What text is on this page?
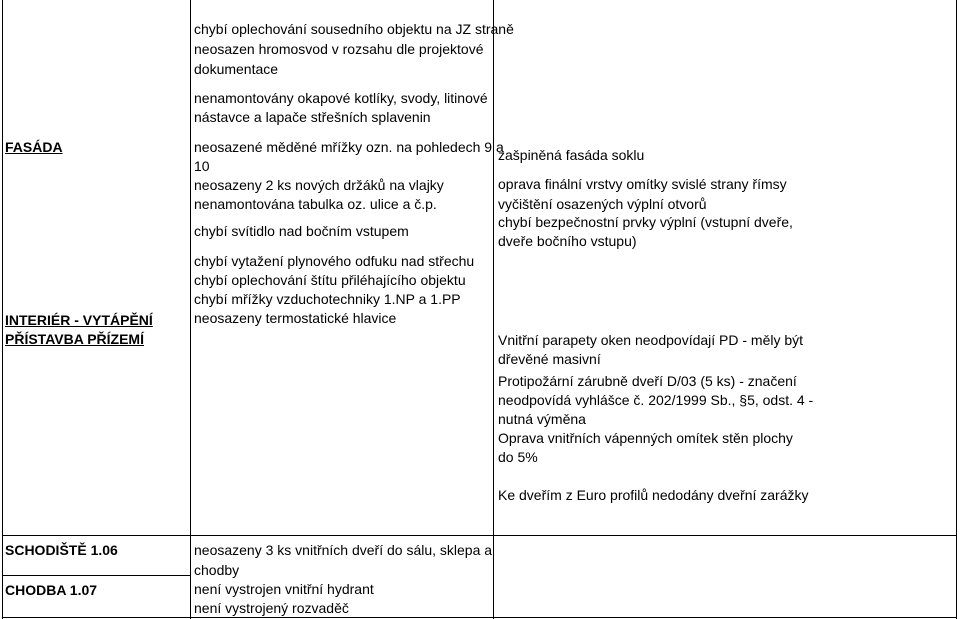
FASÁDA
INTERIÉR - VYTÁPĚNÍ
PŘÍSTAVBA PŘÍZEMÍ
SCHODIŠTĚ 1.06
CHODBA 1.07
chybí oplechování sousedního objektu na JZ straně
neosazen hromosvod v rozsahu dle projektové
dokumentace
nenamontovány okapové kotlíky, svody, litinové
nástavce a lapače střešních splavenin
neosazené měděné mřížky ozn. na pohledech 9 a
10
neosazeny 2 ks nových držáků na vlajky
nenamontována tabulka oz. ulice a č.p.
chybí svítidlo nad bočním vstupem
chybí vytažení plynového odfuku nad střechu
chybí oplechování štítu přiléhajícího objektu
chybí mřížky vzduchotechniky 1.NP a 1.PP
neosazeny termostatické hlavice
neosazeny 3 ks vnitřních dveří do sálu, sklepa a
chodby
není vystrojen vnitřní hydrant
není vystrojený rozvaděč
zašpiněná fasáda soklu
oprava finální vrstvy omítky svislé strany římsy
vyčištění osazených výplní otvorů
chybí bezpečnostní prvky výplní (vstupní dveře,
dveře bočního vstupu)
Vnitřní parapety oken neodpovídají PD - měly být
dřevěné masivní
Protipožární zárubně dveří D/03 (5 ks) - značení
neodpovídá vyhlášce č. 202/1999 Sb., §5, odst. 4 -
nutná výměna
Oprava vnitřních vápenných omítek stěn plochy
do 5%
Ke dveřím z Euro profilů nedodány dveřní zarážky
